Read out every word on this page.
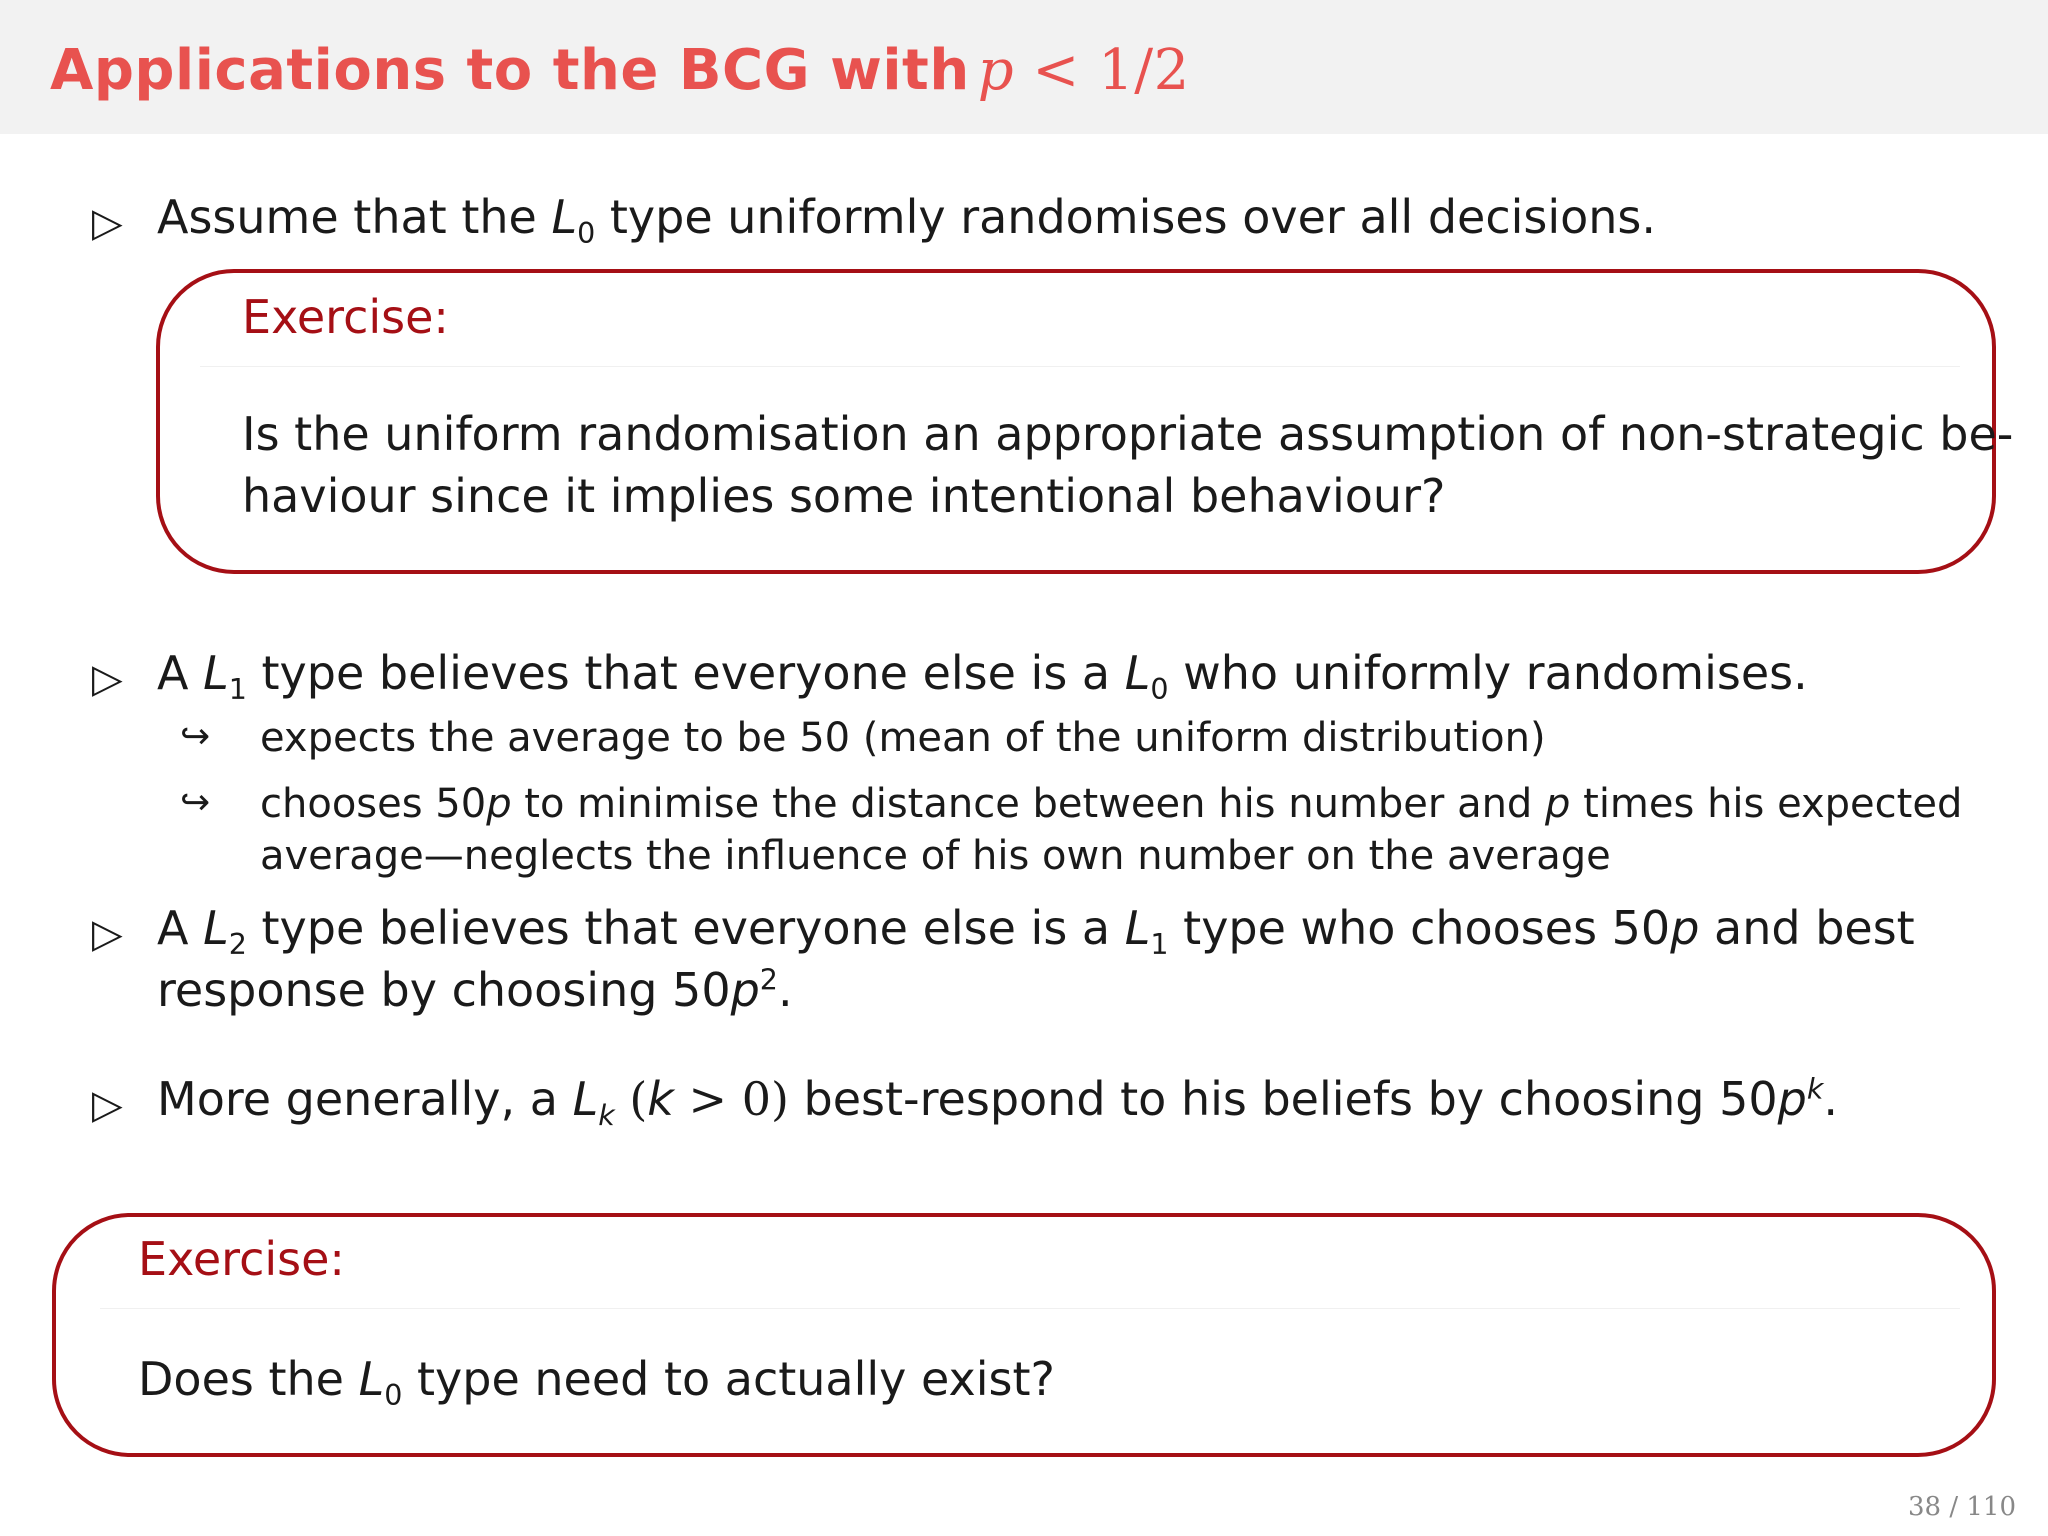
Applications to the BCG with p < 1/2
▷ Assume that the $L_0$ type uniformly randomises over all decisions.
Exercise:
Is the uniform randomisation an appropriate assumption of non-strategic be-
haviour since it implies some intentional behaviour?
▷ A $L_1$ type believes that everyone else is a $L_0$ who uniformly randomises.
↪ expects the average to be 50 (mean of the uniform distribution)
↪ chooses 50p to minimise the distance between his number and p times his expected
average—neglects the influence of his own number on the average
▷ A $L_2$ type believes that everyone else is a $L_1$ type who chooses 50p and best
response by choosing $50p^2$.
▷ More generally, a $L_k$ (k > 0) best-respond to his beliefs by choosing $50p^k$.
Exercise:
Does the $L_0$ type need to actually exist?
38 / 110
